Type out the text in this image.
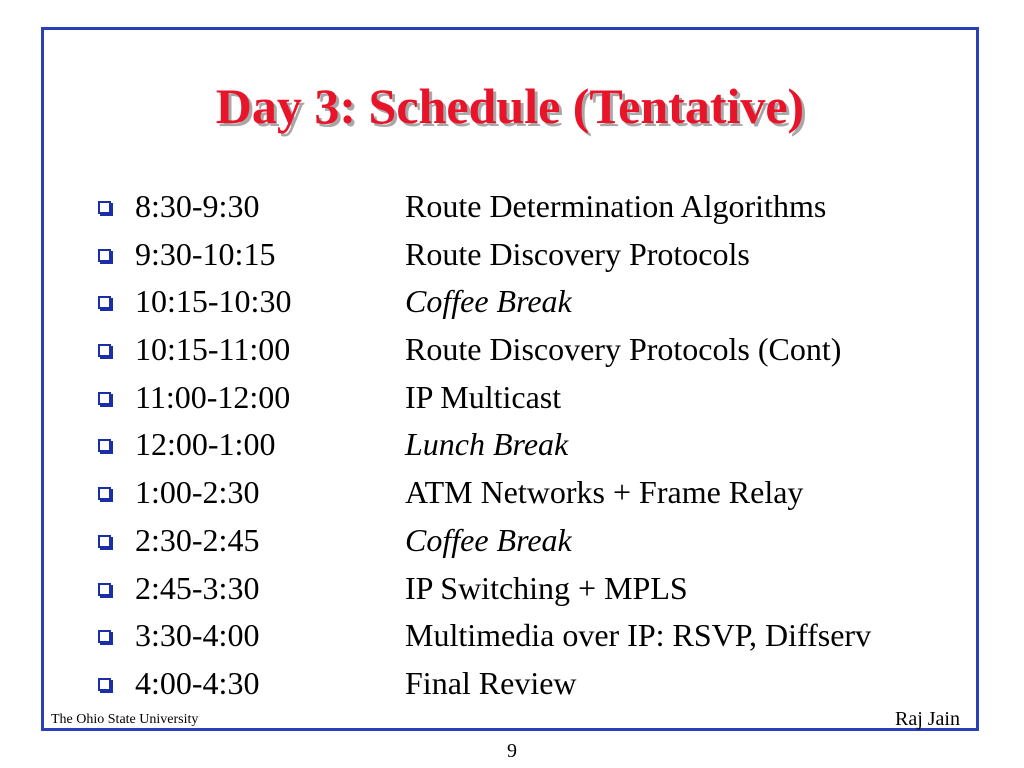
Day 3: Schedule (Tentative)
8:30-9:30	Route Determination Algorithms
9:30-10:15	Route Discovery Protocols
10:15-10:30	Coffee Break
10:15-11:00	Route Discovery Protocols (Cont)
11:00-12:00	IP Multicast
12:00-1:00	Lunch Break
1:00-2:30	ATM Networks + Frame Relay
2:30-2:45	Coffee Break
2:45-3:30	IP Switching + MPLS
3:30-4:00	Multimedia over IP: RSVP, Diffserv
4:00-4:30	Final Review
The Ohio State University	Raj Jain
9
